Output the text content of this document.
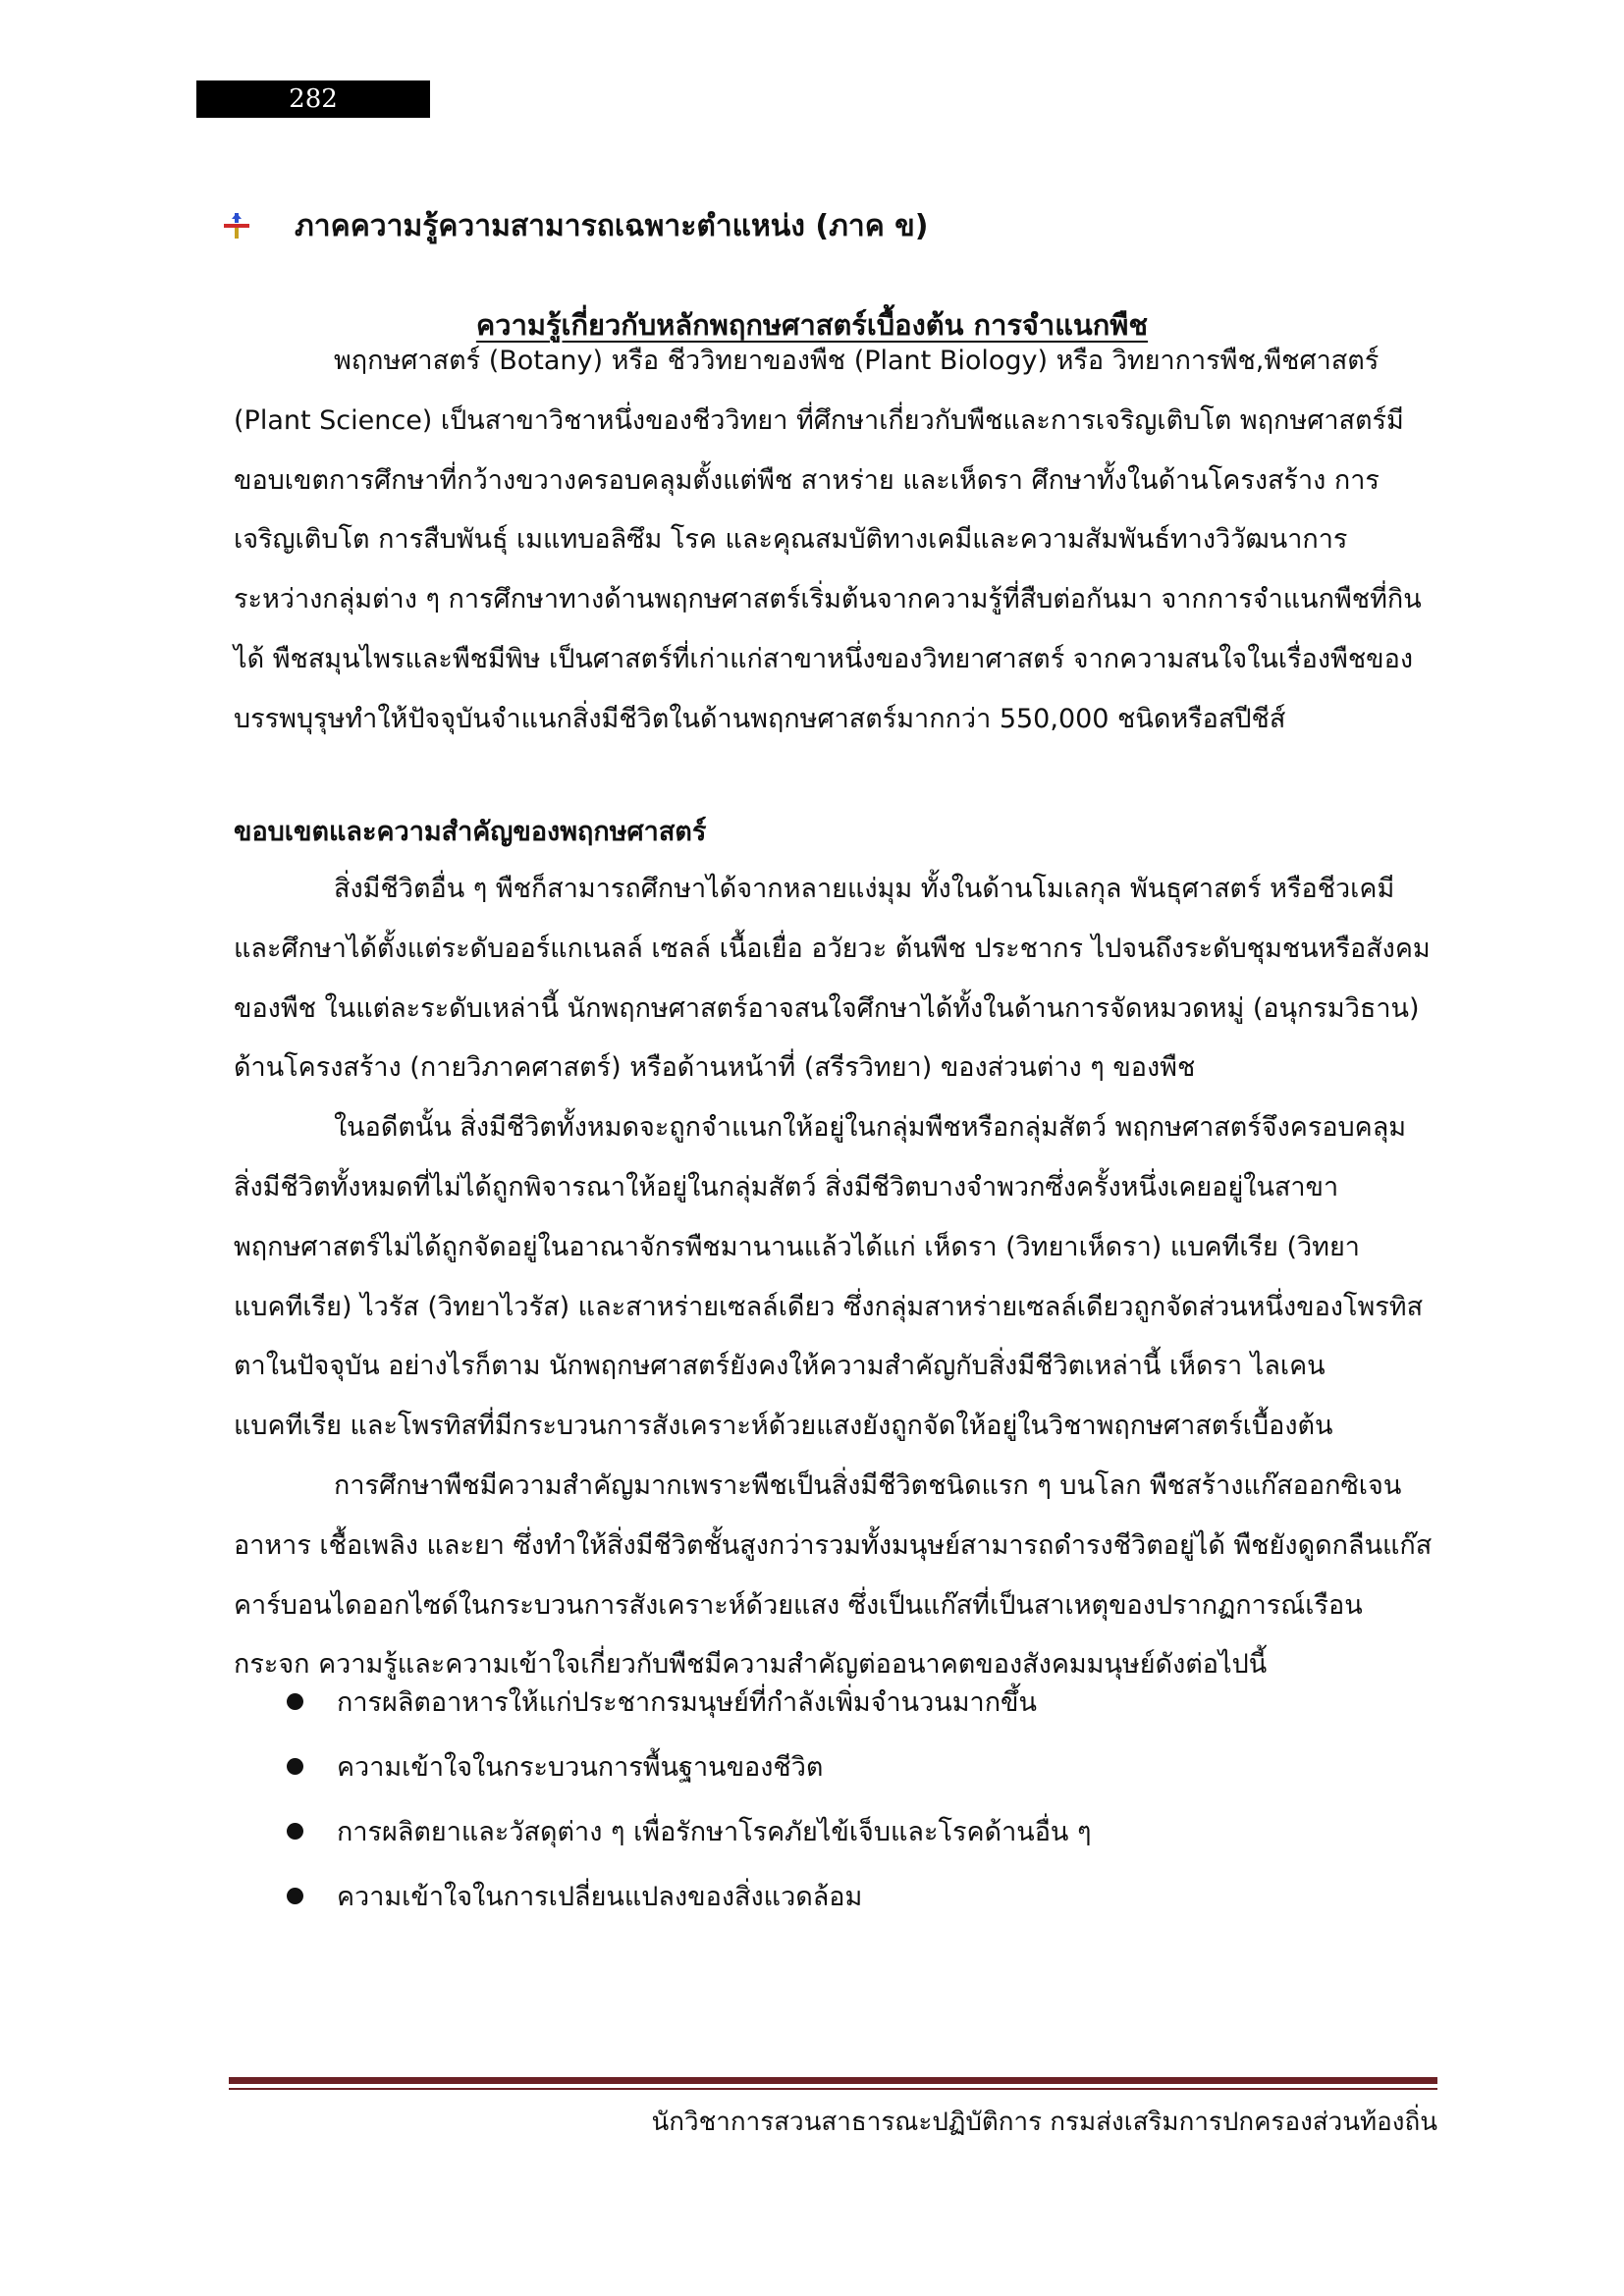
282
ภาคความรู้ความสามารถเฉพาะตำแหน่ง (ภาค ข)
ความรู้เกี่ยวกับหลักพฤกษศาสตร์เบื้องต้น การจำแนกพืช

พฤกษศาสตร์ (Botany) หรือ ชีววิทยาของพืช (Plant Biology) หรือ วิทยาการพืช,พืชศาสตร์ (Plant Science) เป็นสาขาวิชาหนึ่งของชีววิทยา ที่ศึกษาเกี่ยวกับพืชและการเจริญเติบโต พฤกษศาสตร์มีขอบเขตการศึกษาที่กว้างขวางครอบคลุมตั้งแต่พืช สาหร่าย และเห็ดรา ศึกษาทั้งในด้านโครงสร้าง การเจริญเติบโต การสืบพันธุ์ เมแทบอลิซึม โรค และคุณสมบัติทางเคมีและความสัมพันธ์ทางวิวัฒนาการระหว่างกลุ่มต่าง ๆ การศึกษาทางด้านพฤกษศาสตร์เริ่มต้นจากความรู้ที่สืบต่อกันมา จากการจำแนกพืชที่กินได้ พืชสมุนไพรและพืชมีพิษ เป็นศาสตร์ที่เก่าแก่สาขาหนึ่งของวิทยาศาสตร์ จากความสนใจในเรื่องพืชของบรรพบุรุษทำให้ปัจจุบันจำแนกสิ่งมีชีวิตในด้านพฤกษศาสตร์มากกว่า 550,000 ชนิดหรือสปีชีส์

ขอบเขตและความสำคัญของพฤกษศาสตร์

สิ่งมีชีวิตอื่น ๆ พืชก็สามารถศึกษาได้จากหลายแง่มุม ทั้งในด้านโมเลกุล พันธุศาสตร์ หรือชีวเคมีและศึกษาได้ตั้งแต่ระดับออร์แกเนลล์ เซลล์ เนื้อเยื่อ อวัยวะ ต้นพืช ประชากร ไปจนถึงระดับชุมชนหรือสังคมของพืช ในแต่ละระดับเหล่านี้ นักพฤกษศาสตร์อาจสนใจศึกษาได้ทั้งในด้านการจัดหมวดหมู่ (อนุกรมวิธาน) ด้านโครงสร้าง (กายวิภาคศาสตร์) หรือด้านหน้าที่ (สรีรวิทยา) ของส่วนต่าง ๆ ของพืช

ในอดีตนั้น สิ่งมีชีวิตทั้งหมดจะถูกจำแนกให้อยู่ในกลุ่มพืชหรือกลุ่มสัตว์ พฤกษศาสตร์จึงครอบคลุมสิ่งมีชีวิตทั้งหมดที่ไม่ได้ถูกพิจารณาให้อยู่ในกลุ่มสัตว์ สิ่งมีชีวิตบางจำพวกซึ่งครั้งหนึ่งเคยอยู่ในสาขาพฤกษศาสตร์ไม่ได้ถูกจัดอยู่ในอาณาจักรพืชมานานแล้วได้แก่ เห็ดรา (วิทยาเห็ดรา) แบคทีเรีย (วิทยาแบคทีเรีย) ไวรัส (วิทยาไวรัส) และสาหร่ายเซลล์เดียว ซึ่งกลุ่มสาหร่ายเซลล์เดียวถูกจัดส่วนหนึ่งของโพรทิสตาในปัจจุบัน อย่างไรก็ตาม นักพฤกษศาสตร์ยังคงให้ความสำคัญกับสิ่งมีชีวิตเหล่านี้ เห็ดรา ไลเคน แบคทีเรีย และโพรทิสที่มีกระบวนการสังเคราะห์ด้วยแสงยังถูกจัดให้อยู่ในวิชาพฤกษศาสตร์เบื้องต้น

การศึกษาพืชมีความสำคัญมากเพราะพืชเป็นสิ่งมีชีวิตชนิดแรก ๆ บนโลก พืชสร้างแก๊สออกซิเจน อาหาร เชื้อเพลิง และยา ซึ่งทำให้สิ่งมีชีวิตชั้นสูงกว่ารวมทั้งมนุษย์สามารถดำรงชีวิตอยู่ได้ พืชยังดูดกลืนแก๊สคาร์บอนไดออกไซด์ในกระบวนการสังเคราะห์ด้วยแสง ซึ่งเป็นแก๊สที่เป็นสาเหตุของปรากฏการณ์เรือนกระจก ความรู้และความเข้าใจเกี่ยวกับพืชมีความสำคัญต่ออนาคตของสังคมมนุษย์ดังต่อไปนี้

การผลิตอาหารให้แก่ประชากรมนุษย์ที่กำลังเพิ่มจำนวนมากขึ้น
ความเข้าใจในกระบวนการพื้นฐานของชีวิต
การผลิตยาและวัสดุต่าง ๆ เพื่อรักษาโรคภัยไข้เจ็บและโรคด้านอื่น ๆ
ความเข้าใจในการเปลี่ยนแปลงของสิ่งแวดล้อม
นักวิชาการสวนสาธารณะปฏิบัติการ กรมส่งเสริมการปกครองส่วนท้องถิ่น
